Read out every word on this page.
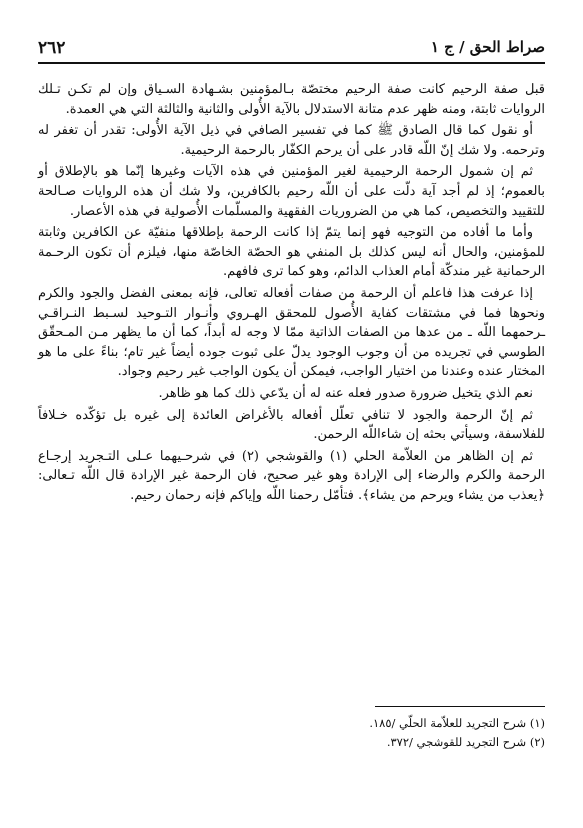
صراط الحق / ج ١
٢٦٢

قبل صفة الرحيم كانت صفة الرحيم مختصّة بـالمؤمنين بشـهادة السـياق وإن لم تكـن تـلك الروايات ثابتة، ومنه ظهر عدم متانة الاستدلال بالآية الأُولى والثانية والثالثة التي هي العمدة.

أو نقول كما قال الصادق ﷺ كما في تفسير الصافي في ذيل الآية الأُولى: تقدر أن تغفر له وترحمه. ولا شك إنّ اللّه قادر على أن يرحم الكفّار بالرحمة الرحيمية.

ثم إن شمول الرحمة الرحيمية لغير المؤمنين في هذه الآيات وغيرها إنّما هو بالإطلاق أو بالعموم؛ إذ لم أجد آية دلّت على أن اللّه رحيم بالكافرين، ولا شك أن هذه الروايات صـالحة للتقييد والتخصيص، كما هي من الضروريات الفقهية والمسلّمات الأُصولية في هذه الأعصار.

وأما ما أفاده من التوجيه فهو إنما يتمّ إذا كانت الرحمة بإطلاقها منفيّة عن الكافرين وثابتة للمؤمنين، والحال أنه ليس كذلك بل المنفي هو الحصّة الخاصّة منها، فيلزم أن تكون الرحـمة الرحمانية غير مندكّة أمام العذاب الدائم، وهو كما ترى فافهم.

إذا عرفت هذا فاعلم أن الرحمة من صفات أفعاله تعالى، فإنه بمعنى الفضل والجود والكرم ونحوها فما في مشتقات كفاية الأُصول للمحقق الهـروي وأنـوار التـوحيد لسـبط النـراقـي ـرحمهما اللّه ـ من عدها من الصفات الذاتية ممّا لا وجه له أبداً، كما أن ما يظهر مـن المـحقّق الطوسي في تجريده من أن وجوب الوجود يدلّ على ثبوت جوده أيضاً غير تام؛ بناءً على ما هو المختار عنده وعندنا من اختيار الواجب، فيمكن أن يكون الواجب غير رحيم وجواد.

نعم الذي يتخيل ضرورة صدور فعله عنه له أن يدّعي ذلك كما هو ظاهر.

ثم إنّ الرحمة والجود لا تنافي تعلّل أفعاله بالأغراض العائدة إلى غيره بل تؤكّده خـلافاً للفلاسفة، وسيأتي بحثه إن شاءاللّه الرحمن.

ثم إن الظاهر من العلاّمة الحلي (١) والقوشجي (٢) في شرحـيهما عـلى التـجريد إرجـاع الرحمة والكرم والرضاء إلى الإرادة وهو غير صحيح، فان الرحمة غير الإرادة قال اللّه تـعالى: ﴿يعذب من يشاء ويرحم من يشاء﴾. فتأمّل رحمنا اللّه وإياكم فإنه رحمان رحيم.

(١) شرح التجريد للعلاّمة الحلّي /١٨٥.

(٢) شرح التجريد للقوشجي /٣٧٢.
